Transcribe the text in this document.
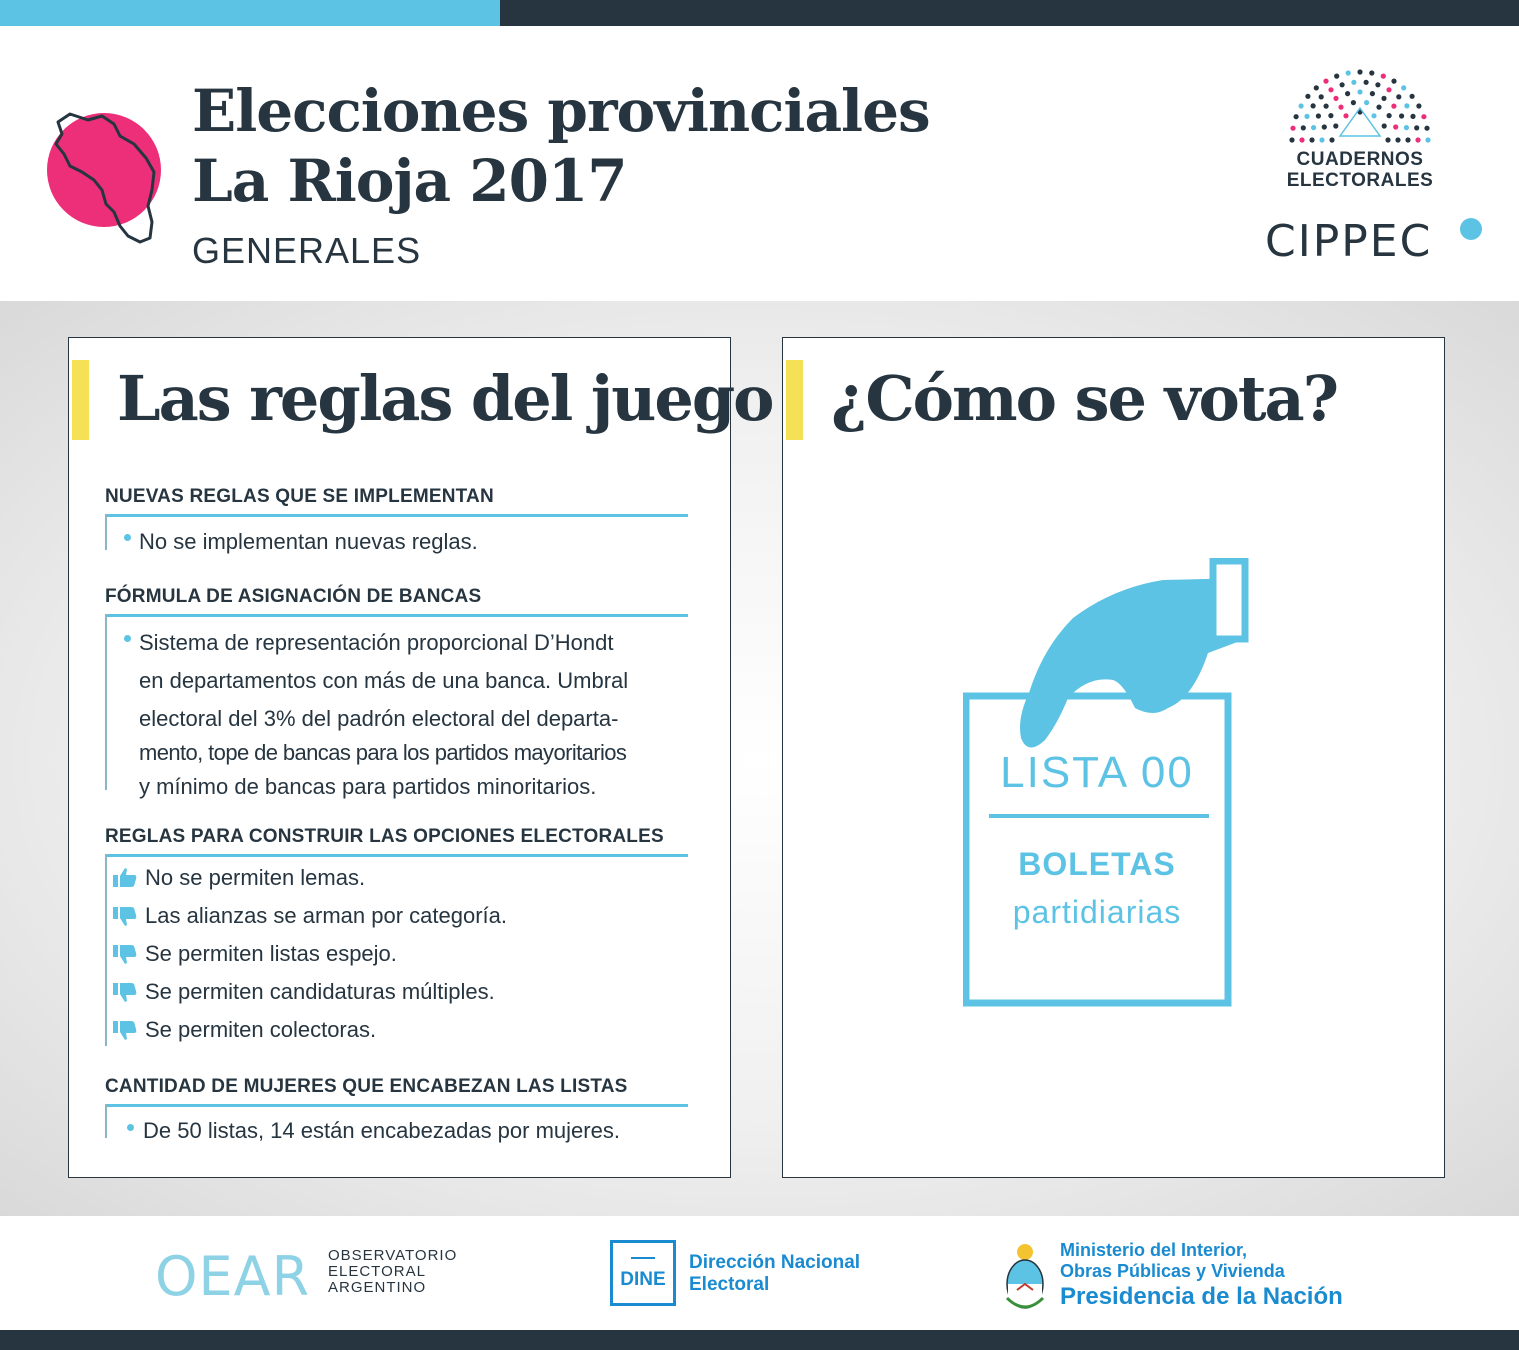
Elecciones provinciales
La Rioja 2017
GENERALES
CUADERNOS
ELECTORALES
CIPPEC
Las reglas del juego
NUEVAS REGLAS QUE SE IMPLEMENTAN
No se implementan nuevas reglas.
FÓRMULA DE ASIGNACIÓN DE BANCAS
Sistema de representación proporcional D’Hondt
en departamentos con más de una banca. Umbral
electoral del 3% del padrón electoral del departa-
mento, tope de bancas para los partidos mayoritarios
y mínimo de bancas para partidos minoritarios.
REGLAS PARA CONSTRUIR LAS OPCIONES ELECTORALES
No se permiten lemas.
Las alianzas se arman por categoría.
Se permiten listas espejo.
Se permiten candidaturas múltiples.
Se permiten colectoras.
CANTIDAD DE MUJERES QUE ENCABEZAN LAS LISTAS
De 50 listas, 14 están encabezadas por mujeres.
¿Cómo se vota?
LISTA 00
BOLETAS
partidiarias
OEAR OBSERVATORIO
ELECTORAL
ARGENTINO	DINE
Dirección Nacional
Electoral
Ministerio del Interior,
Obras Públicas y Vivienda
Presidencia de la Nación
